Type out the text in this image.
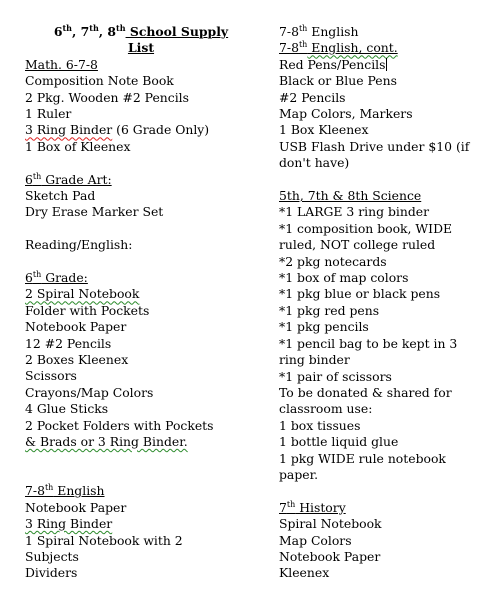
6th, 7th, 8th School Supply
List
Math. 6-7-8
Composition Note Book
2 Pkg. Wooden #2 Pencils
1 Ruler
3 Ring Binder (6 Grade Only)
1 Box of Kleenex
6th Grade Art:
Sketch Pad
Dry Erase Marker Set
Reading/English:
6th Grade:
2 Spiral Notebook
Folder with Pockets
Notebook Paper
12 #2 Pencils
2 Boxes Kleenex
Scissors
Crayons/Map Colors
4 Glue Sticks
2 Pocket Folders with Pockets
& Brads or 3 Ring Binder.
7-8th English
Notebook Paper
3 Ring Binder
1 Spiral Notebook with 2
Subjects
Dividers
7-8th English
7-8th English, cont.
Red Pens/Pencils
Black or Blue Pens
#2 Pencils
Map Colors, Markers
1 Box Kleenex
USB Flash Drive under $10 (if don't have)
5th, 7th & 8th Science
*1 LARGE 3 ring binder
*1 composition book, WIDE ruled, NOT college ruled
*2 pkg notecards
*1 box of map colors
*1 pkg blue or black pens
*1 pkg red pens
*1 pkg pencils
*1 pencil bag to be kept in 3 ring binder
*1 pair of scissors
To be donated & shared for classroom use:
1 box tissues
1 bottle liquid glue
1 pkg WIDE rule notebook paper.
7th History
Spiral Notebook
Map Colors
Notebook Paper
Kleenex
